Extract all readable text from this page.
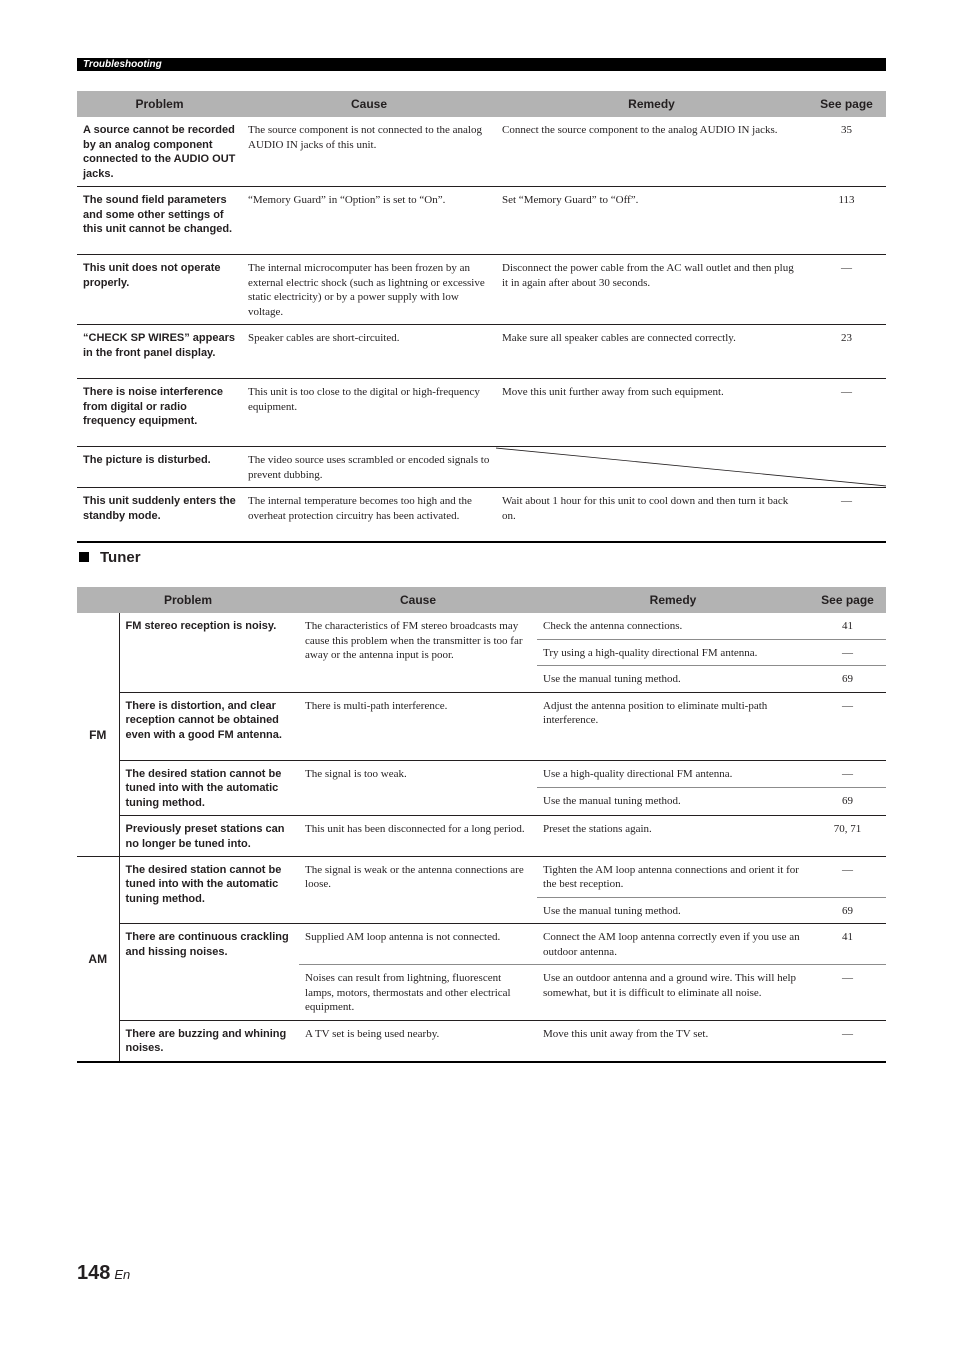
Troubleshooting
Problem	Cause	Remedy	See page
A source cannot be recorded by an analog component connected to the AUDIO OUT jacks.	The source component is not connected to the analog AUDIO IN jacks of this unit.	Connect the source component to the analog AUDIO IN jacks.	35
The sound field parameters and some other settings of this unit cannot be changed.	“Memory Guard” in “Option” is set to “On”.	Set “Memory Guard” to “Off”.	113
This unit does not operate properly.	The internal microcomputer has been frozen by an external electric shock (such as lightning or excessive static electricity) or by a power supply with low voltage.	Disconnect the power cable from the AC wall outlet and then plug it in again after about 30 seconds.	—
“CHECK SP WIRES” appears in the front panel display.	Speaker cables are short-circuited.	Make sure all speaker cables are connected correctly.	23
There is noise interference from digital or radio frequency equipment.	This unit is too close to the digital or high-frequency equipment.	Move this unit further away from such equipment.	—
The picture is disturbed.	The video source uses scrambled or encoded signals to prevent dubbing.	

This unit suddenly enters the standby mode.	The internal temperature becomes too high and the overheat protection circuitry has been activated.	Wait about 1 hour for this unit to cool down and then turn it back on.	—
Tuner
Problem		Cause	Remedy	See page
FM	FM stereo reception is noisy.	The characteristics of FM stereo broadcasts may cause this problem when the transmitter is too far away or the antenna input is poor.	Check the antenna connections.	41
			Try using a high-quality directional FM antenna.	—
			Use the manual tuning method.	69
	There is distortion, and clear reception cannot be obtained even with a good FM antenna.	There is multi-path interference.	Adjust the antenna position to eliminate multi-path interference.	—
	The desired station cannot be tuned into with the automatic tuning method.	The signal is too weak.	Use a high-quality directional FM antenna.	—
			Use the manual tuning method.	69
	Previously preset stations can no longer be tuned into.	This unit has been disconnected for a long period.	Preset the stations again.	70, 71

AM	The desired station cannot be tuned into with the automatic tuning method.	The signal is weak or the antenna connections are loose.	Tighten the AM loop antenna connections and orient it for the best reception.	—
			Use the manual tuning method.	69
	There are continuous crackling and hissing noises.	Supplied AM loop antenna is not connected.	Connect the AM loop antenna correctly even if you use an outdoor antenna.	41
		Noises can result from lightning, fluorescent lamps, motors, thermostats and other electrical equipment.	Use an outdoor antenna and a ground wire. This will help somewhat, but it is difficult to eliminate all noise.	—
	There are buzzing and whining noises.	A TV set is being used nearby.	Move this unit away from the TV set.	—
148 En
